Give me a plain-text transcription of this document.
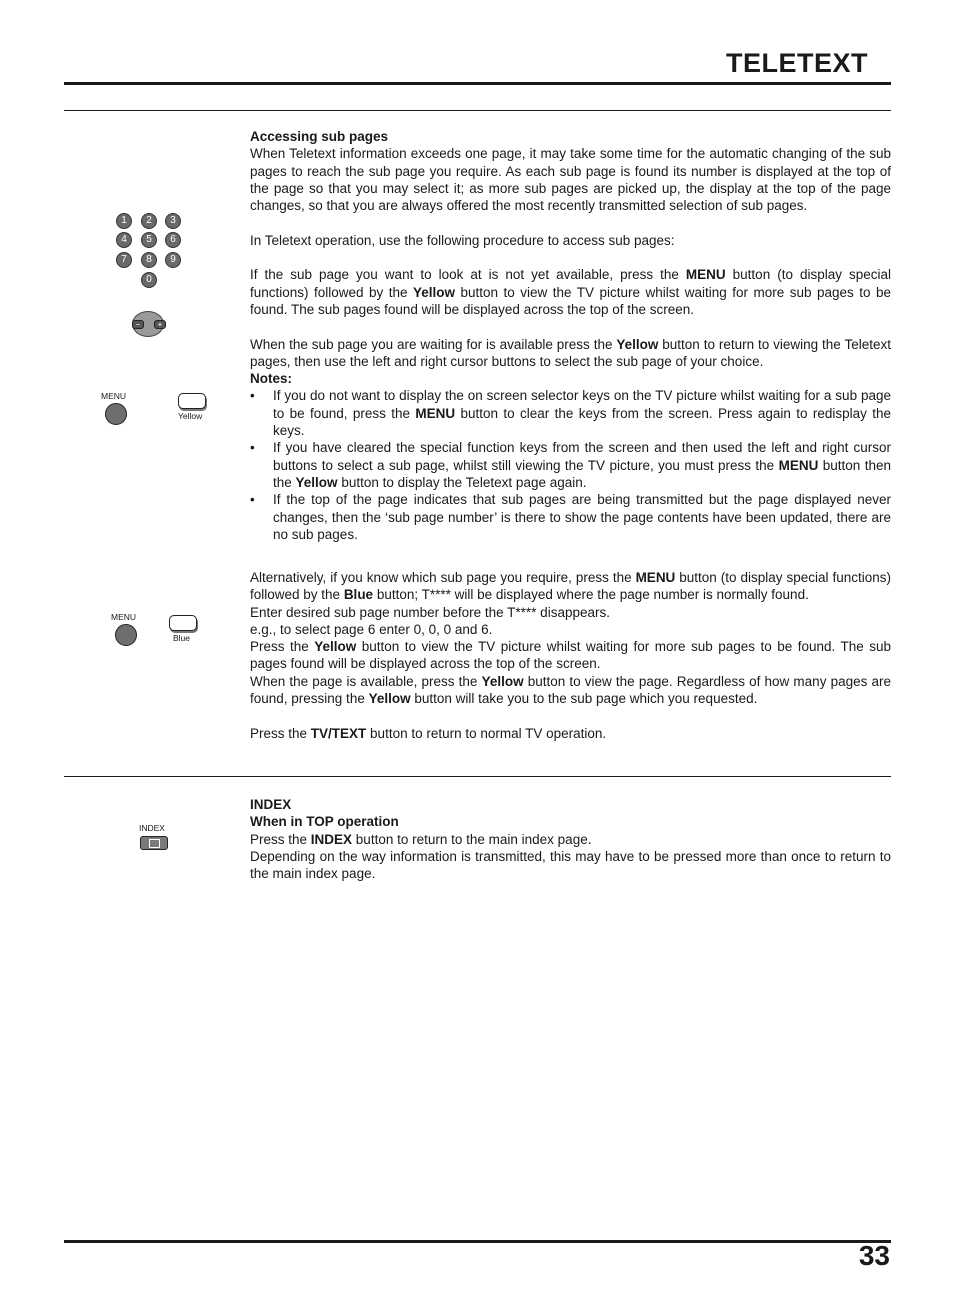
TELETEXT
1	2	3
4	5	6
7	8	9
0
−	+
MENU
Yellow
MENU
Blue
INDEX

Accessing sub pages

When Teletext information exceeds one page, it may take some time for the automatic changing of the sub pages to reach the sub page you require. As each sub page is found its number is displayed at the top of the page so that you may select it; as more sub pages are picked up, the display at the top of the page changes, so that you are always offered the most recently transmitted selection of sub pages.

In Teletext operation, use the following procedure to access sub pages:

If the sub page you want to look at is not yet available, press the MENU button (to display special functions) followed by the Yellow button to view the TV picture whilst waiting for more sub pages to be found. The sub pages found will be displayed across the top of the screen.

When the sub page you are waiting for is available press the Yellow button to return to viewing the Teletext pages, then use the left and right cursor buttons to select the sub page of your choice.

Notes:

• If you do not want to display the on screen selector keys on the TV picture whilst waiting for a sub page to be found, press the MENU button to clear the keys from the screen. Press again to redisplay the keys.
• If you have cleared the special function keys from the screen and then used the left and right cursor buttons to select a sub page, whilst still viewing the TV picture, you must press the MENU button then the Yellow button to display the Teletext page again.
• If the top of the page indicates that sub pages are being transmitted but the page displayed never changes, then the ‘sub page number’ is there to show the page contents have been updated, there are no sub pages.

Alternatively, if you know which sub page you require, press the MENU button (to display special functions) followed by the Blue button; T**** will be displayed where the page number is normally found.

Enter desired sub page number before the T**** disappears.

e.g., to select page 6 enter 0, 0, 0 and 6.

Press the Yellow button to view the TV picture whilst waiting for more sub pages to be found. The sub pages found will be displayed across the top of the screen.

When the page is available, press the Yellow button to view the page. Regardless of how many pages are found, pressing the Yellow button will take you to the sub page which you requested.

Press the TV/TEXT button to return to normal TV operation.

INDEX

When in TOP operation

Press the INDEX button to return to the main index page.

Depending on the way information is transmitted, this may have to be pressed more than once to return to the main index page.

33
